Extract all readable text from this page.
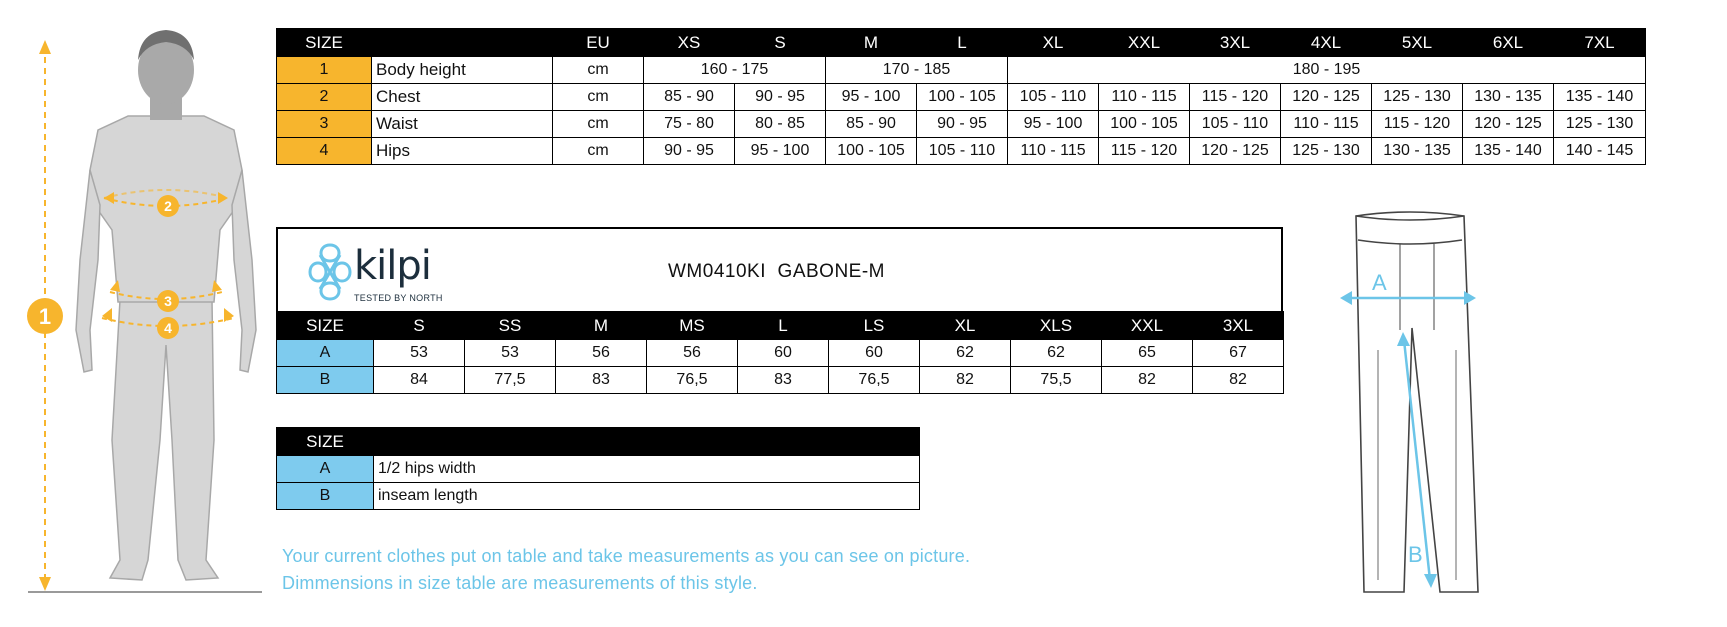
1
2
3
4
SIZE		EU	XS	S	M	L	XL	XXL	3XL	4XL	5XL	6XL	7XL
1	Body height	cm	160 - 175		170 - 185		180 - 195						
2	Chest	cm	85 - 90	90 - 95	95 - 100	100 - 105	105 - 110	110 - 115	115 - 120	120 - 125	125 - 130	130 - 135	135 - 140
3	Waist	cm	75 - 80	80 - 85	85 - 90	90 - 95	95 - 100	100 - 105	105 - 110	110 - 115	115 - 120	120 - 125	125 - 130
4	Hips	cm	90 - 95	95 - 100	100 - 105	105 - 110	110 - 115	115 - 120	120 - 125	125 - 130	130 - 135	135 - 140	140 - 145
kilpi
TESTED BY NORTH
WM0410KI  GABONE-M
SIZE	S	SS	M	MS	L	LS	XL	XLS	XXL	3XL
A	53	53	56	56	60	60	62	62	65	67
B	84	77,5	83	76,5	83	76,5	82	75,5	82	82
SIZE	
A	1/2 hips width
B	inseam length
Your current clothes put on table and take measurements as you can see on picture.
Dimmensions in size table are measurements of this style.
A
B
